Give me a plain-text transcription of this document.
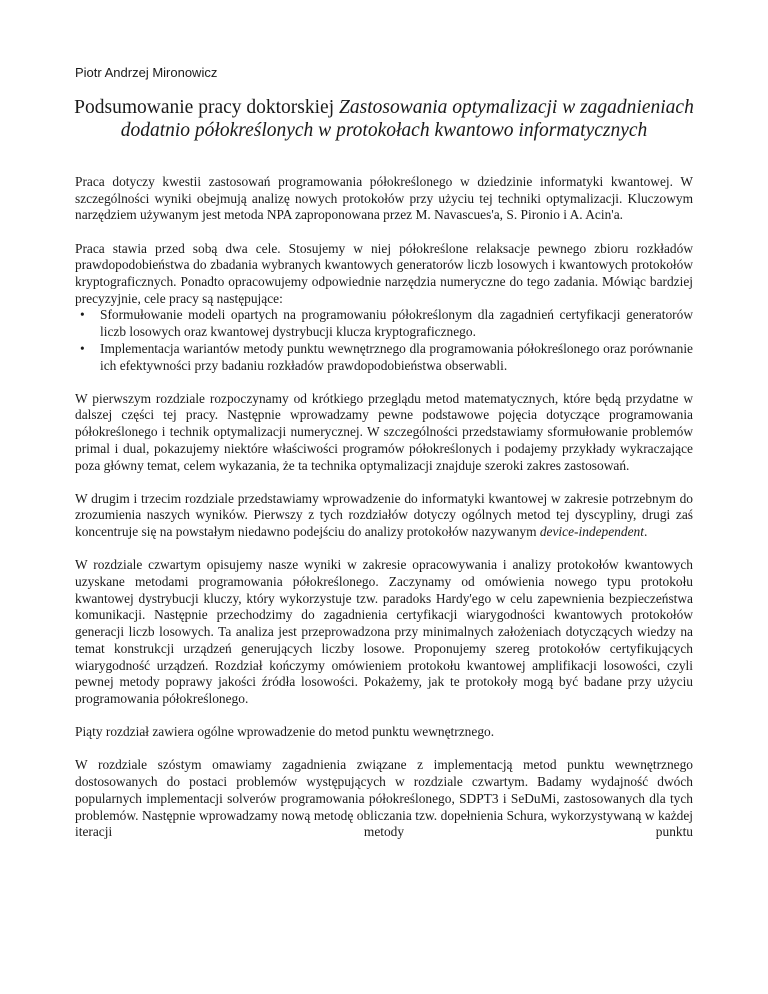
Piotr Andrzej Mironowicz
Podsumowanie pracy doktorskiej Zastosowania optymalizacji w zagadnieniach dodatnio półokreślonych w protokołach kwantowo informatycznych

Praca dotyczy kwestii zastosowań programowania półokreślonego w dziedzinie informatyki kwantowej. W szczególności wyniki obejmują analizę nowych protokołów przy użyciu tej techniki optymalizacji. Kluczowym narzędziem używanym jest metoda NPA zaproponowana przez M. Navascues'a, S. Pironio i A. Acin'a.

Praca stawia przed sobą dwa cele. Stosujemy w niej półokreślone relaksacje pewnego zbioru rozkładów prawdopodobieństwa do zbadania wybranych kwantowych generatorów liczb losowych i kwantowych protokołów kryptograficznych. Ponadto opracowujemy odpowiednie narzędzia numeryczne do tego zadania. Mówiąc bardziej precyzyjnie, cele pracy są następujące:

• Sformułowanie modeli opartych na programowaniu półokreślonym dla zagadnień certyfikacji generatorów liczb losowych oraz kwantowej dystrybucji klucza kryptograficznego.
• Implementacja wariantów metody punktu wewnętrznego dla programowania półokreślonego oraz porównanie ich efektywności przy badaniu rozkładów prawdopodobieństwa obserwabli.

W pierwszym rozdziale rozpoczynamy od krótkiego przeglądu metod matematycznych, które będą przydatne w dalszej części tej pracy. Następnie wprowadzamy pewne podstawowe pojęcia dotyczące programowania półokreślonego i technik optymalizacji numerycznej. W szczególności przedstawiamy sformułowanie problemów primal i dual, pokazujemy niektóre właściwości programów półokreślonych i podajemy przykłady wykraczające poza główny temat, celem wykazania, że ta technika optymalizacji znajduje szeroki zakres zastosowań.

W drugim i trzecim rozdziale przedstawiamy wprowadzenie do informatyki kwantowej w zakresie potrzebnym do zrozumienia naszych wyników. Pierwszy z tych rozdziałów dotyczy ogólnych metod tej dyscypliny, drugi zaś koncentruje się na powstałym niedawno podejściu do analizy protokołów nazywanym device-independent.

W rozdziale czwartym opisujemy nasze wyniki w zakresie opracowywania i analizy protokołów kwantowych uzyskane metodami programowania półokreślonego. Zaczynamy od omówienia nowego typu protokołu kwantowej dystrybucji kluczy, który wykorzystuje tzw. paradoks Hardy'ego w celu zapewnienia bezpieczeństwa komunikacji. Następnie przechodzimy do zagadnienia certyfikacji wiarygodności kwantowych protokołów generacji liczb losowych. Ta analiza jest przeprowadzona przy minimalnych założeniach dotyczących wiedzy na temat konstrukcji urządzeń generujących liczby losowe. Proponujemy szereg protokołów certyfikujących wiarygodność urządzeń. Rozdział kończymy omówieniem protokołu kwantowej amplifikacji losowości, czyli pewnej metody poprawy jakości źródła losowości. Pokażemy, jak te protokoły mogą być badane przy użyciu programowania półokreślonego.

Piąty rozdział zawiera ogólne wprowadzenie do metod punktu wewnętrznego.

W rozdziale szóstym omawiamy zagadnienia związane z implementacją metod punktu wewnętrznego dostosowanych do postaci problemów występujących w rozdziale czwartym. Badamy wydajność dwóch popularnych implementacji solverów programowania półokreślonego, SDPT3 i SeDuMi, zastosowanych dla tych problemów. Następnie wprowadzamy nową metodę obliczania tzw. dopełnienia Schura, wykorzystywaną w każdej iteracji metody punktu
